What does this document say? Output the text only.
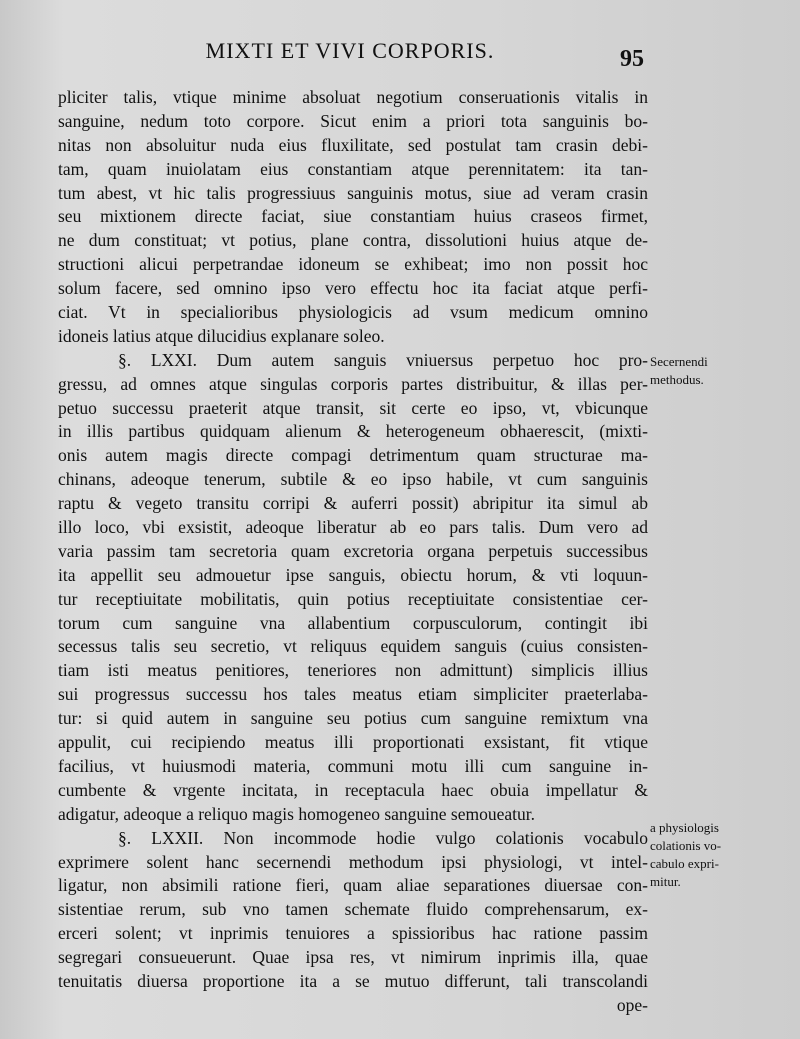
MIXTI ET VIVI CORPORIS.	95
pliciter talis, vtique minime absoluat negotium conseruationis vitalis in
sanguine, nedum toto corpore. Sicut enim a priori tota sanguinis bo-
nitas non absoluitur nuda eius fluxilitate, sed postulat tam crasin debi-
tam, quam inuiolatam eius constantiam atque perennitatem: ita tan-
tum abest, vt hic talis progressiuus sanguinis motus, siue ad veram crasin
seu mixtionem directe faciat, siue constantiam huius craseos firmet,
ne dum constituat; vt potius, plane contra, dissolutioni huius atque de-
structioni alicui perpetrandae idoneum se exhibeat; imo non possit hoc
solum facere, sed omnino ipso vero effectu hoc ita faciat atque perfi-
ciat. Vt in specialioribus physiologicis ad vsum medicum omnino
idoneis latius atque dilucidius explanare soleo.
§. LXXI. Dum autem sanguis vniuersus perpetuo hoc pro-
gressu, ad omnes atque singulas corporis partes distribuitur, & illas per-
petuo successu praeterit atque transit, sit certe eo ipso, vt, vbicunque
in illis partibus quidquam alienum & heterogeneum obhaerescit, (mixti-
onis autem magis directe compagi detrimentum quam structurae ma-
chinans, adeoque tenerum, subtile & eo ipso habile, vt cum sanguinis
raptu & vegeto transitu corripi & auferri possit) abripitur ita simul ab
illo loco, vbi exsistit, adeoque liberatur ab eo pars talis. Dum vero ad
varia passim tam secretoria quam excretoria organa perpetuis successibus
ita appellit seu admouetur ipse sanguis, obiectu horum, & vti loquun-
tur receptiuitate mobilitatis, quin potius receptiuitate consistentiae cer-
torum cum sanguine vna allabentium corpusculorum, contingit ibi
secessus talis seu secretio, vt reliquus equidem sanguis (cuius consisten-
tiam isti meatus penitiores, teneriores non admittunt) simplicis illius
sui progressus successu hos tales meatus etiam simpliciter praeterlaba-
tur: si quid autem in sanguine seu potius cum sanguine remixtum vna
appulit, cui recipiendo meatus illi proportionati exsistant, fit vtique
facilius, vt huiusmodi materia, communi motu illi cum sanguine in-
cumbente & vrgente incitata, in receptacula haec obuia impellatur &
adigatur, adeoque a reliquo magis homogeneo sanguine semoueatur.
§. LXXII. Non incommode hodie vulgo colationis vocabulo
exprimere solent hanc secernendi methodum ipsi physiologi, vt intel-
ligatur, non absimili ratione fieri, quam aliae separationes diuersae con-
sistentiae rerum, sub vno tamen schemate fluido comprehensarum, ex-
erceri solent; vt inprimis tenuiores a spissioribus hac ratione passim
segregari consueuerunt. Quae ipsa res, vt nimirum inprimis illa, quae
tenuitatis diuersa proportione ita a se mutuo differunt, tali transcolandi
ope-
Secernendi
methodus.
a physiologis
colationis vo-
cabulo expri-
mitur.
